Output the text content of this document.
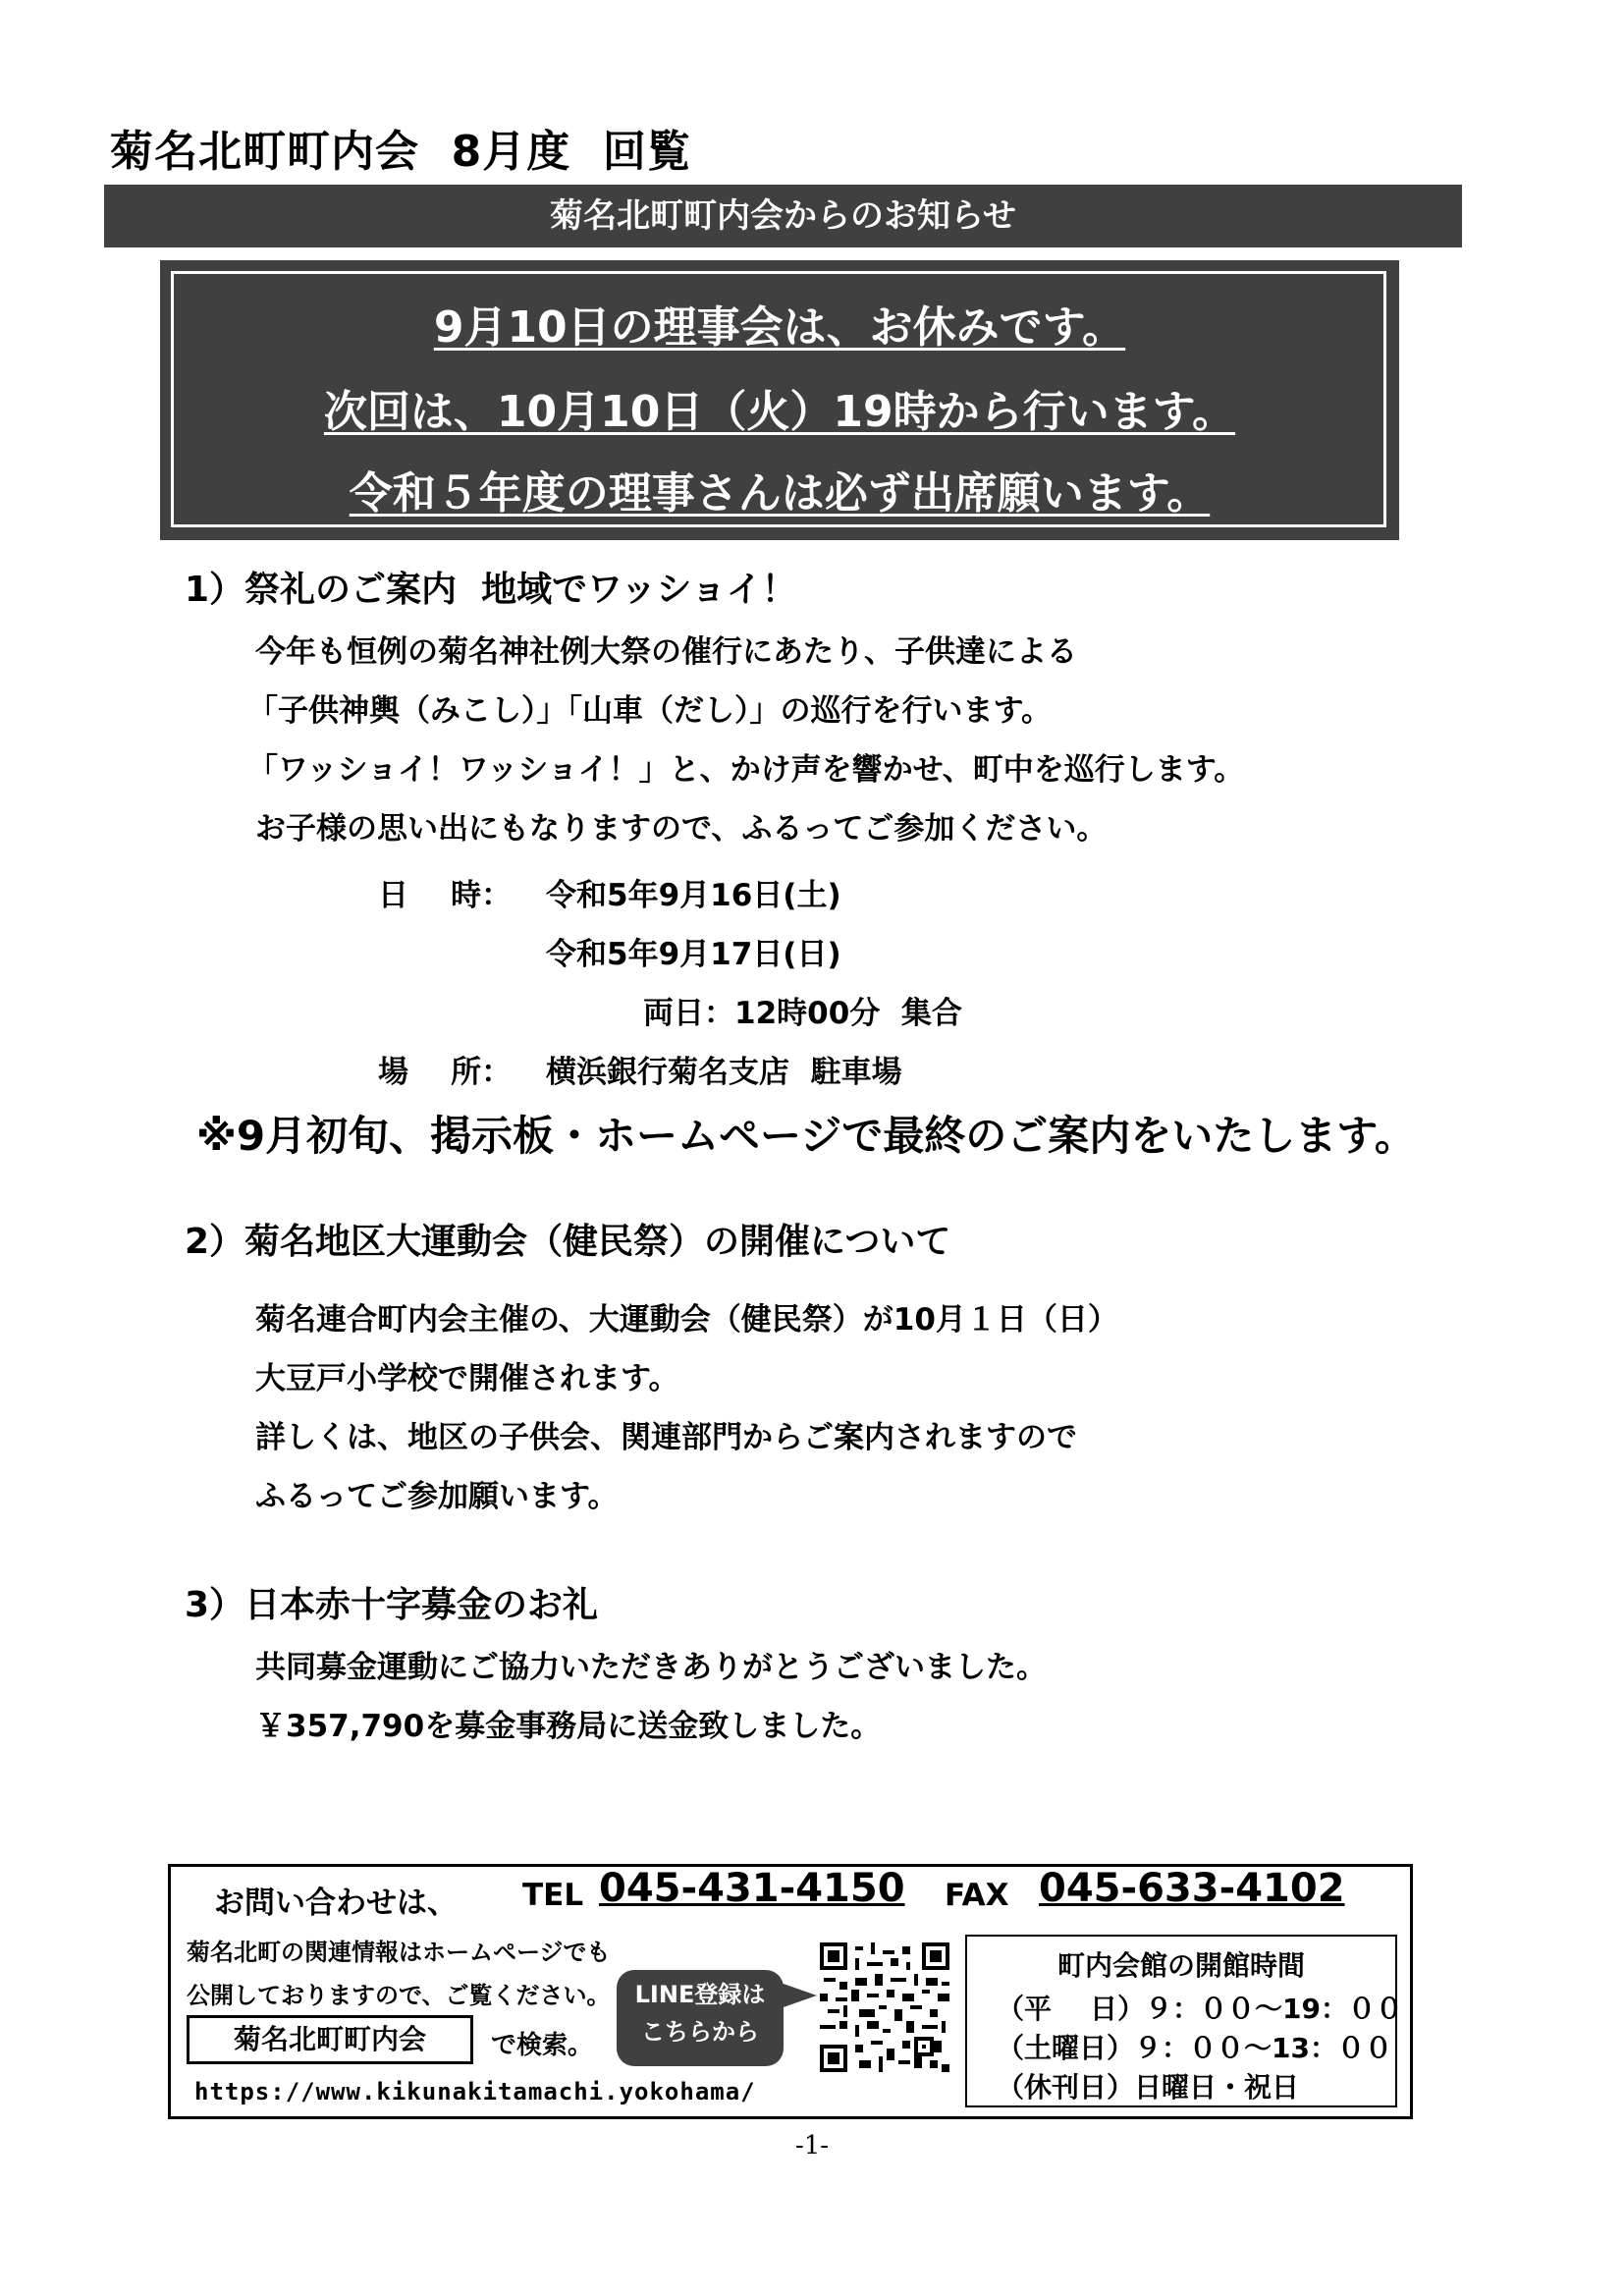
菊名北町町内会  8月度  回覧
菊名北町町内会からのお知らせ
9月10日の理事会は、お休みです。
次回は、10月10日（火）19時から行います。
令和５年度の理事さんは必ず出席願います。
1）祭礼のご案内  地域でワッショイ！
今年も恒例の菊名神社例大祭の催行にあたり、子供達による
「子供神輿（みこし）」「山車（だし）」の巡行を行います。
「ワッショイ！ワッショイ！」と、かけ声を響かせ、町中を巡行します。
お子様の思い出にもなりますので、ふるってご参加ください。
日    時： 令和5年9月16日(土)
令和5年9月17日(日)
両日：12時00分  集合
場    所： 横浜銀行菊名支店  駐車場
※9月初旬、掲示板・ホームページで最終のご案内をいたします。
2）菊名地区大運動会（健民祭）の開催について
菊名連合町内会主催の、大運動会（健民祭）が10月１日（日）
大豆戸小学校で開催されます。
詳しくは、地区の子供会、関連部門からご案内されますので
ふるってご参加願います。
3）日本赤十字募金のお礼
共同募金運動にご協力いただきありがとうございました。
￥357,790を募金事務局に送金致しました。
お問い合わせは、 TEL 045-431-4150 FAX 045-633-4102
菊名北町の関連情報はホームページでも
公開しておりますので、ご覧ください。
菊名北町町内会	で検索。
https://www.kikunakitamachi.yokohama/
LINE登録は
こちらから
町内会館の開館時間
（平    日）９：００～19：００
（土曜日）９：００～13：００
（休刊日）日曜日・祝日
-1-
